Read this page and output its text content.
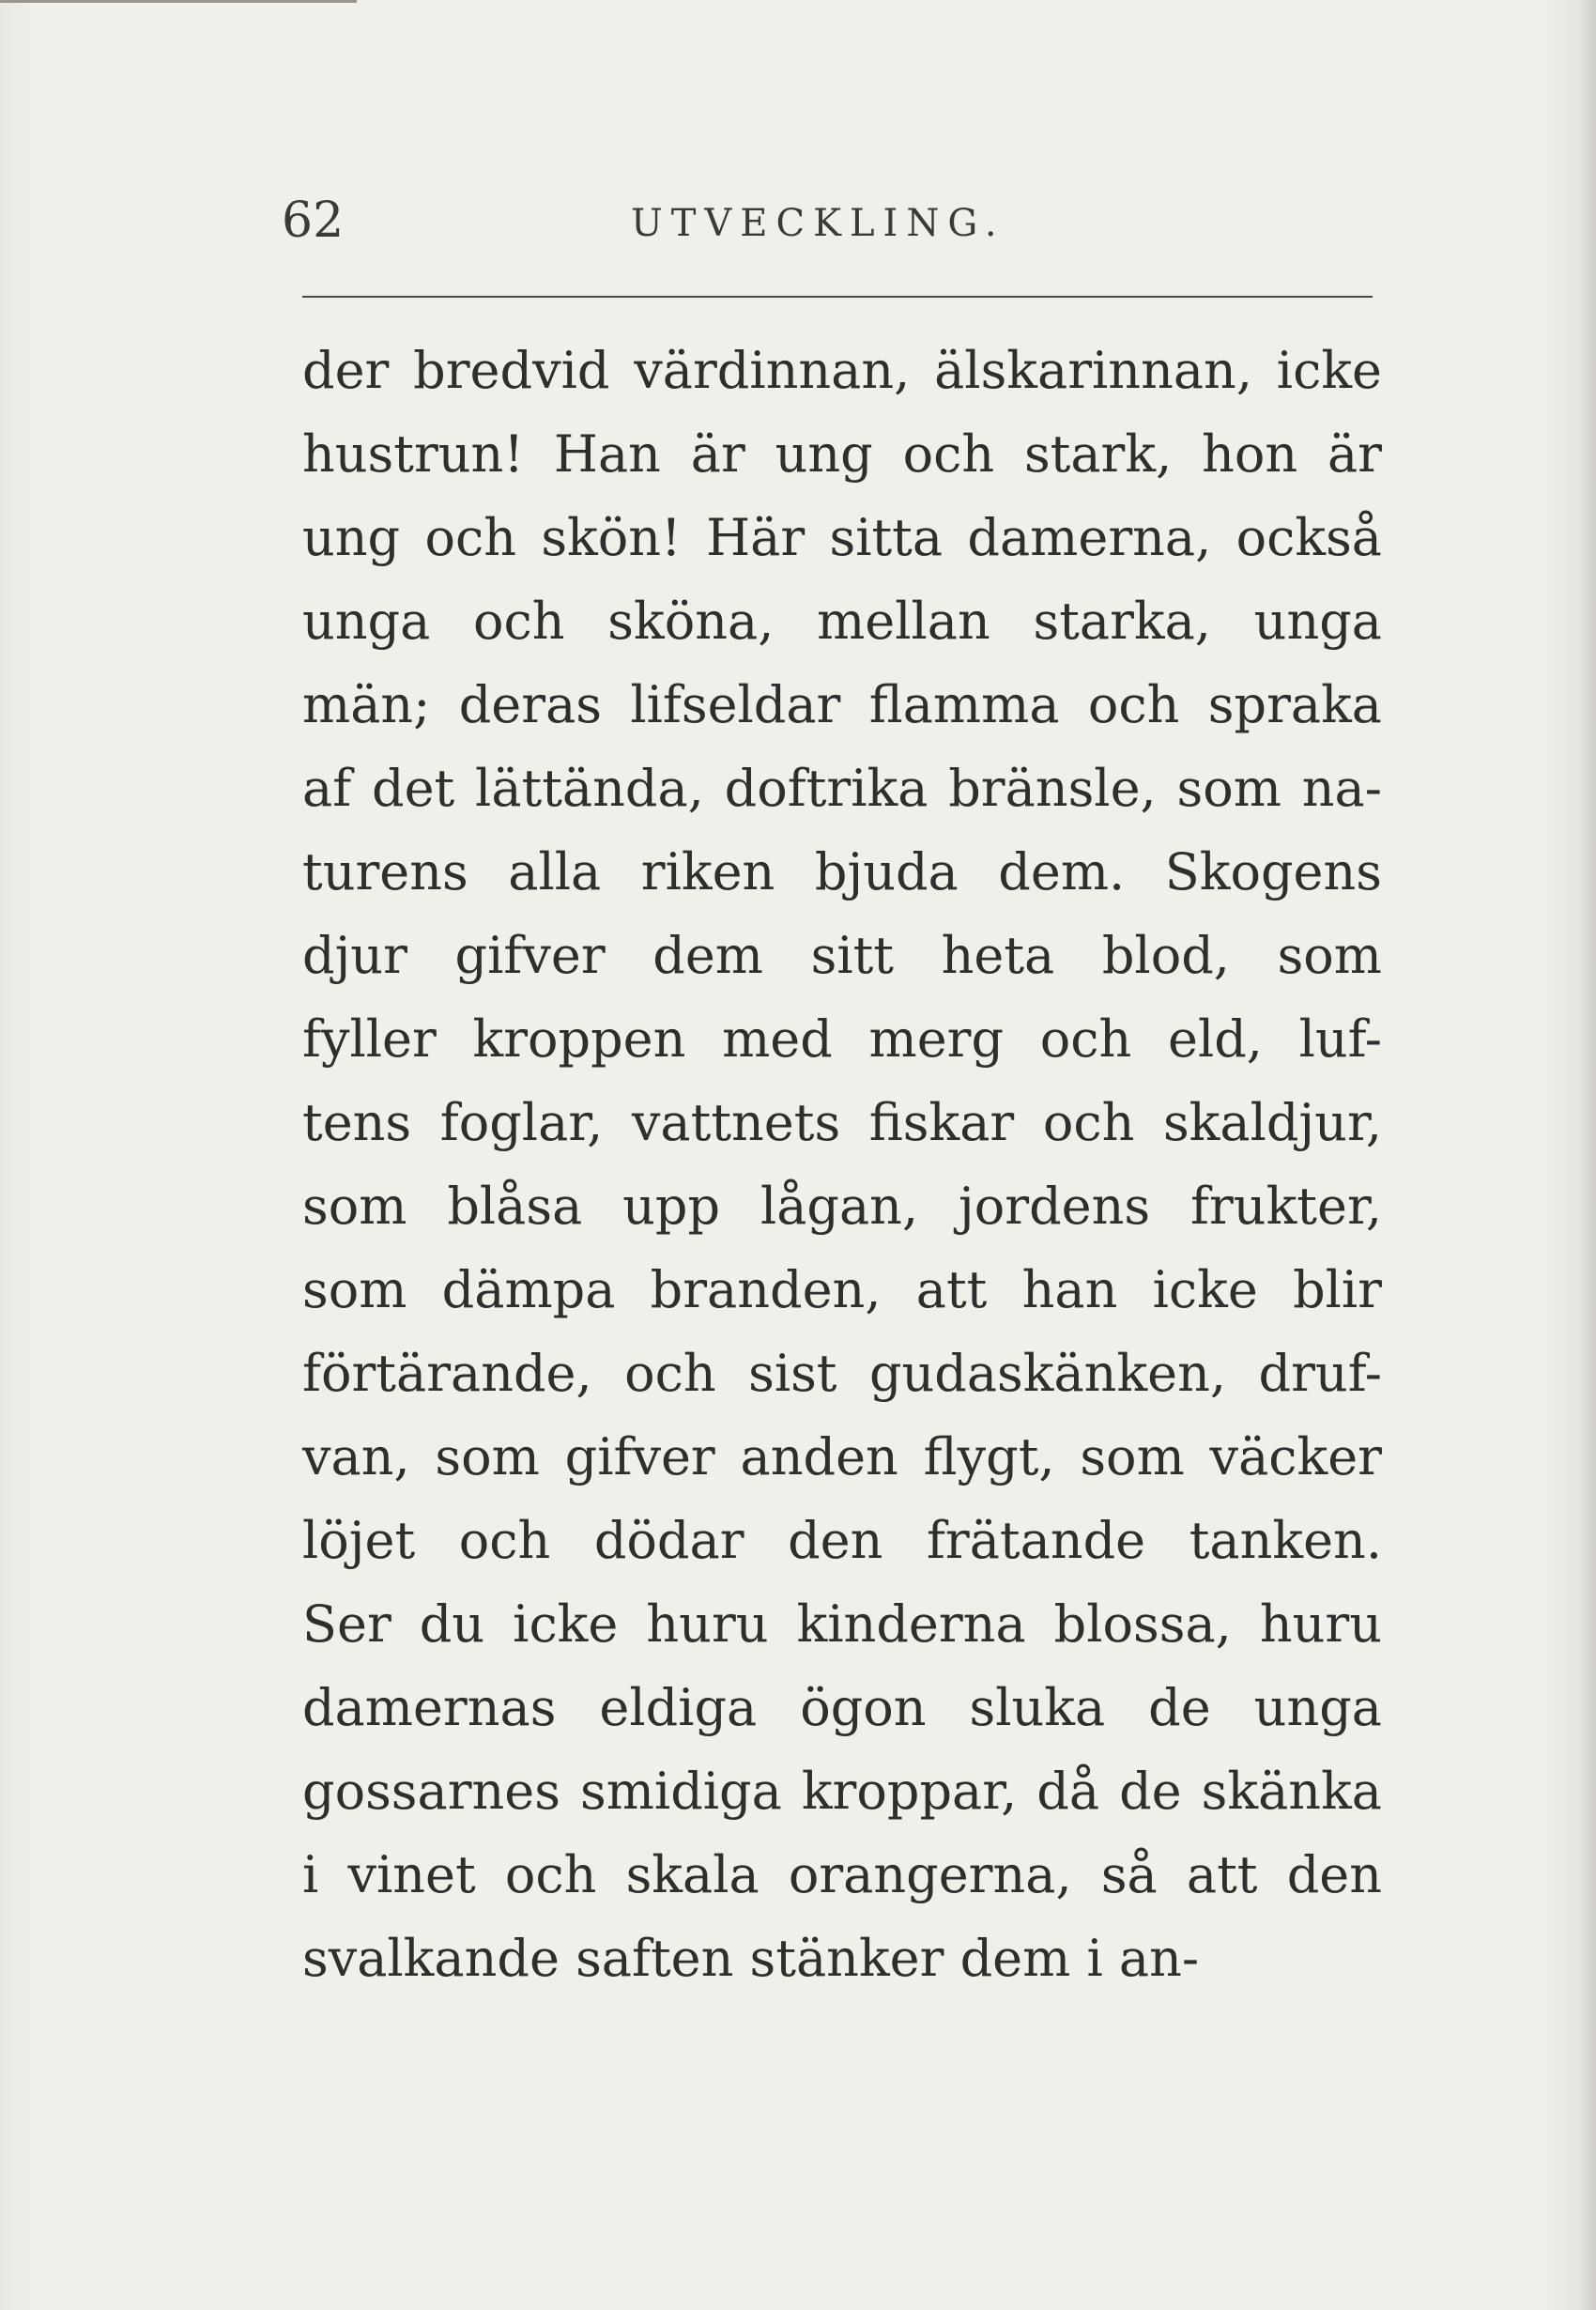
62	UTVECKLING.
der bredvid värdinnan, älskarinnan, icke
hustrun! Han är ung och stark, hon är
ung och skön! Här sitta damerna, också
unga och sköna, mellan starka, unga
män; deras lifseldar flamma och spraka
af det lättända, doftrika bränsle, som na-
turens alla riken bjuda dem. Skogens
djur gifver dem sitt heta blod, som
fyller kroppen med merg och eld, luf-
tens foglar, vattnets fiskar och skaldjur,
som blåsa upp lågan, jordens frukter,
som dämpa branden, att han icke blir
förtärande, och sist gudaskänken, druf-
van, som gifver anden flygt, som väcker
löjet och dödar den frätande tanken.
Ser du icke huru kinderna blossa, huru
damernas eldiga ögon sluka de unga
gossarnes smidiga kroppar, då de skänka
i vinet och skala orangerna, så att den
svalkande saften stänker dem i an-
